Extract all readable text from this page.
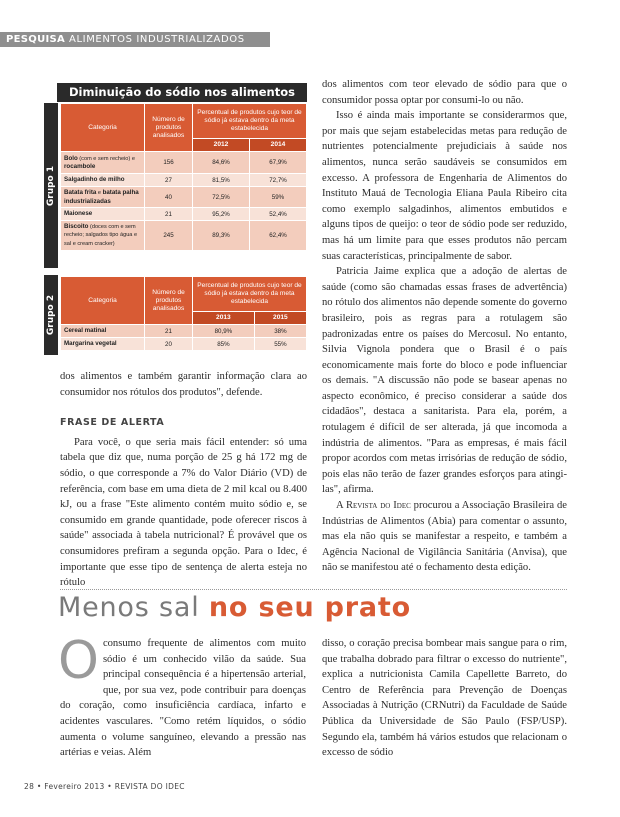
PESQUISA ALIMENTOS INDUSTRIALIZADOS
Diminuição do sódio nos alimentos
Grupo 1
Grupo 2
Categoria	Número de produtos analisados	Percentual de produtos cujo teor de sódio já estava dentro da meta estabelecida	
		2012	2014
Bolo (com e sem recheio) e rocambole	156	84,6%	67,9%
Salgadinho de milho	27	81,5%	72,7%
Batata frita e batata palha industrializadas	40	72,5%	59%
Maionese	21	95,2%	52,4%
Biscoito (doces com e sem recheio; salgados tipo água e sal e cream cracker)	245	89,3%	62,4%
Categoria	Número de produtos analisados	Percentual de produtos cujo teor de sódio já estava dentro da meta estabelecida	
		2013	2015
Cereal matinal	21	80,9%	38%
Margarina vegetal	20	85%	55%

dos alimentos e também garantir informação clara ao consumidor nos rótulos dos produtos", defende.

FRASE DE ALERTA

Para você, o que seria mais fácil entender: só uma tabela que diz que, numa porção de 25 g há 172 mg de sódio, o que corresponde a 7% do Valor Diário (VD) de referência, com base em uma dieta de 2 mil kcal ou 8.400 kJ, ou a frase "Este alimento contém muito sódio e, se consumido em grande quantidade, pode oferecer riscos à saúde" associada à tabela nutricional? É provável que os consumidores prefiram a segunda opção. Para o Idec, é importante que esse tipo de sentença de alerta esteja no rótulo

dos alimentos com teor elevado de sódio para que o consumidor possa optar por consumi-lo ou não.

Isso é ainda mais importante se considerarmos que, por mais que sejam estabelecidas metas para redução de nutrientes potencialmente prejudiciais à saúde nos alimentos, nunca serão saudáveis se consumidos em excesso. A professora de Engenharia de Alimentos do Instituto Mauá de Tecnologia Eliana Paula Ribeiro cita como exemplo salgadinhos, alimentos embutidos e alguns tipos de queijo: o teor de sódio pode ser reduzido, mas há um limite para que esses produtos não percam suas características, principalmente de sabor.

Patricia Jaime explica que a adoção de alertas de saúde (como são chamadas essas frases de advertência) no rótulo dos alimentos não depende somente do governo brasileiro, pois as regras para a rotulagem são padronizadas entre os países do Mercosul. No entanto, Silvia Vignola pondera que o Brasil é o país economicamente mais forte do bloco e pode influenciar os demais. "A discussão não pode se basear apenas no aspecto econômico, é preciso considerar a saúde dos cidadãos", destaca a sanitarista. Para ela, porém, a rotulagem é difícil de ser alterada, já que incomoda a indústria de alimentos. "Para as empresas, é mais fácil propor acordos com metas irrisórias de redução de sódio, pois elas não terão de fazer grandes esforços para atingi-las", afirma.

A Revista do Idec procurou a Associação Brasileira de Indústrias de Alimentos (Abia) para comentar o assunto, mas ela não quis se manifestar a respeito, e também a Agência Nacional de Vigilância Sanitária (Anvisa), que não se manifestou até o fechamento desta edição.

Menos sal no seu prato
Oconsumo frequente de alimentos com muito sódio é um conhecido vilão da saúde. Sua principal consequência é a hipertensão arterial, que, por sua vez, pode contribuir para doenças do coração, como insuficiência cardíaca, infarto e acidentes vasculares. "Como retém líquidos, o sódio aumenta o volume sanguíneo, elevando a pressão nas artérias e veias. Além
disso, o coração precisa bombear mais sangue para o rim, que trabalha dobrado para filtrar o excesso do nutriente", explica a nutricionista Camila Capellette Barreto, do Centro de Referência para Prevenção de Doenças Associadas à Nutrição (CRNutri) da Faculdade de Saúde Pública da Universidade de São Paulo (FSP/USP). Segundo ela, também há vários estudos que relacionam o excesso de sódio
28 • Fevereiro 2013 • REVISTA DO IDEC
